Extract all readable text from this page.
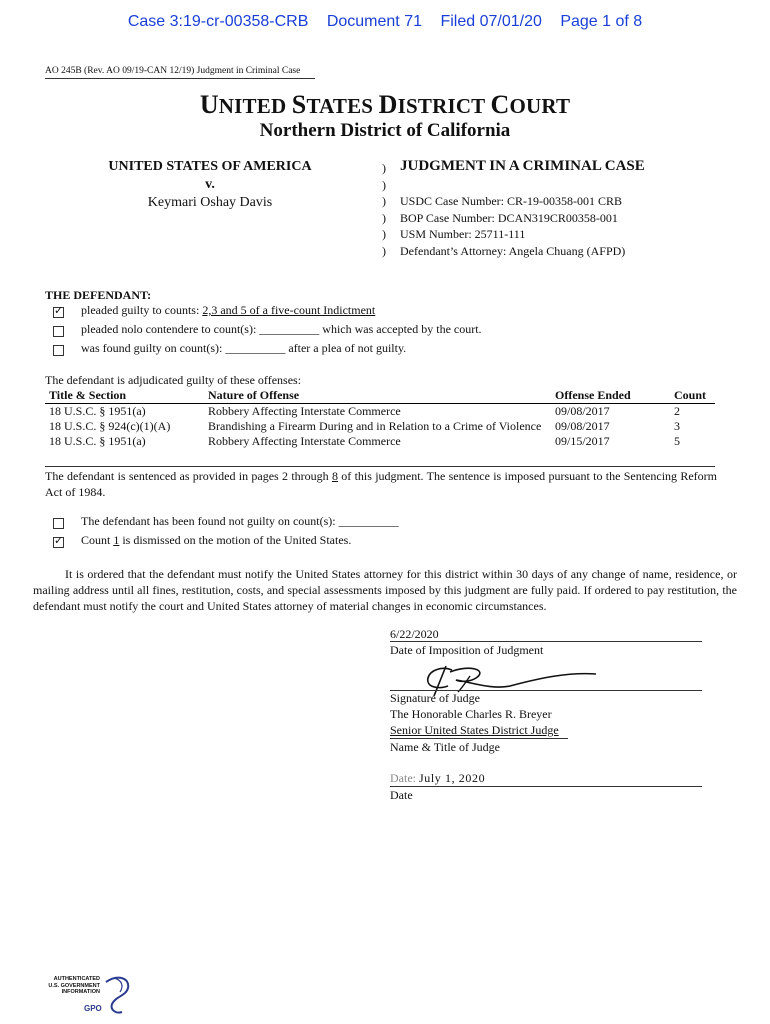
Case 3:19-cr-00358-CRB Document 71 Filed 07/01/20 Page 1 of 8
AO 245B (Rev. AO 09/19-CAN 12/19) Judgment in Criminal Case
UNITED STATES DISTRICT COURT
Northern District of California
UNITED STATES OF AMERICA
v.
Keymari Oshay Davis
)
)
)
)
)
)
JUDGMENT IN A CRIMINAL CASE
USDC Case Number: CR-19-00358-001 CRB
BOP Case Number: DCAN319CR00358-001
USM Number: 25711-111
Defendant’s Attorney: Angela Chuang (AFPD)
THE DEFENDANT:
✓
pleaded guilty to counts: 2,3 and 5 of a five-count Indictment
pleaded nolo contendere to count(s): __________ which was accepted by the court.
was found guilty on count(s): __________ after a plea of not guilty.
The defendant is adjudicated guilty of these offenses:
Title & Section	Nature of Offense	Offense Ended	Count
18 U.S.C. § 1951(a)	Robbery Affecting Interstate Commerce	09/08/2017	2
18 U.S.C. § 924(c)(1)(A)	Brandishing a Firearm During and in Relation to a Crime of Violence	09/08/2017	3
18 U.S.C. § 1951(a)	Robbery Affecting Interstate Commerce	09/15/2017	5
The defendant is sentenced as provided in pages 2 through 8 of this judgment. The sentence is imposed pursuant to the Sentencing Reform Act of 1984.
The defendant has been found not guilty on count(s): __________
✓
Count 1 is dismissed on the motion of the United States.
It is ordered that the defendant must notify the United States attorney for this district within 30 days of any change of name, residence, or mailing address until all fines, restitution, costs, and special assessments imposed by this judgment are fully paid. If ordered to pay restitution, the defendant must notify the court and United States attorney of material changes in economic circumstances.
6/22/2020
Date of Imposition of Judgment
Signature of Judge
The Honorable Charles R. Breyer
Senior United States District Judge
Name & Title of Judge
Date: July 1, 2020
Date
AUTHENTICATED
U.S. GOVERNMENT
INFORMATION
GPO
